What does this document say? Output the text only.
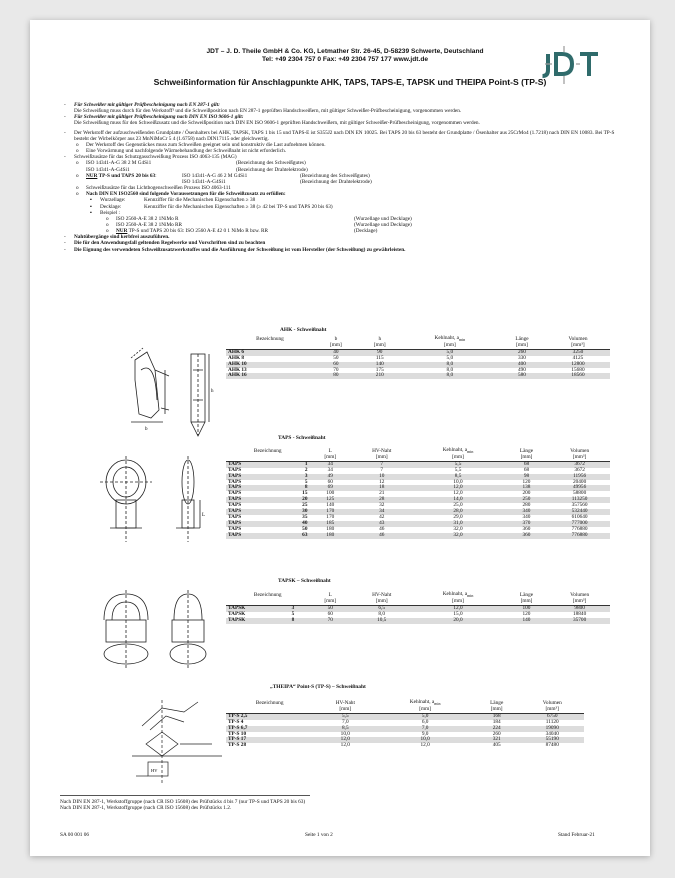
JDT – J. D. Theile GmbH & Co. KG, Letmather Str. 26-45, D-58239 Schwerte, Deutschland
Tel: +49 2304 757 0 Fax: +49 2304 757 177 www.jdt.de
Schweißinformation für Anschlagpunkte AHK, TAPS, TAPS-E, TAPSK und THEIPA Point-S (TP-S)

- Für Schweißer mit gültiger Prüfbescheinigung nach EN 287-1 gilt:

Die Schweißung muss durch für den Werkstoff¹ und die Schweißposition nach EN 287-1 geprüften Handschweißern, mit gültiger Schweißer-Prüfbescheinigung, vorgenommen werden.

- Für Schweißer mit gültiger Prüfbescheinigung nach DIN EN ISO 9606-1 gilt:

Die Schweißung muss für den Schweißzusatz und die Schweißposition nach DIN EN ISO 9606-1 geprüften Handschweißern, mit gültiger Schweißer-Prüfbescheinigung, vorgenommen werden.

- Der Werkstoff der aufzuschweißenden Grundplatte / Ösenhalters bei AHK, TAPSK, TAPS 1 bis 15 und TAPS-E ist S355J2 nach DIN EN 10025. Bei TAPS 20 bis 63 besteht der Grundplatte / Ösenhalter aus 25CrMo4 (1.7218) nach DIN EN 10083. Bei TP-S besteht der Wirbelkörper aus 23 MnNiMoCr 5 4 (1.6758) nach DIN17115 oder gleichwertig.

o Der Werkstoff des Gegenstückes muss zum Schweißen geeignet sein und konstruktiv die Last aufnehmen können.

o Eine Vorwärmung und nachfolgende Wärmebehandlung der Schweißnaht ist nicht erforderlich.

- Schweißzusätze für das Schutzgasschweißung Prozess ISO 4063-135 (MAG)

o ISO 14341-A-G 38 2 M G4Si1	(Bezeichnung des Schweißgutes)
ISO 14341-A-G4Si1	(Bezeichnung der Drahtelektrode)
o NUR TP-S und TAPS 20 bis 63:	ISO 14341-A-G 46 2 M G4Si1	(Bezeichnung des Schweißgutes)
ISO 14341-A-G4Si1	(Bezeichnung der Drahtelektrode)

o Schweißzusätze für das Lichtbogenschweißen Prozess ISO 4063-111

o Nach DIN EN ISO2560 sind folgende Voraussetzungen für die Schweißzusatz zu erfüllen:

▪ Wurzellage:	Kennziffer für die Mechanischen Eigenschaften ≥ 38
▪ Decklage:	Kennziffer für die Mechanischen Eigenschaften ≥ 38 (≥ 42 bei TP-S und TAPS 20 bis 63)
▪ Beispiel :
o ISO 2560-A-E 38 2 1NiMo R	(Wurzellage und Decklage)
o ISO 2560-A-E 38 2 1NiMo RR	(Wurzellage und Decklage)
o NUR TP-S und TAPS 20 bis 63: ISO 2560 A-E 42 0 1 NiMo R bzw. RR	(Decklage)

- Nahtübergänge sind kerbfrei auszuführen.

- Die für den Anwendungsfall geltenden Regelwerke und Vorschriften sind zu beachten

- Die Eignung des verwendeten Schweißzusatzwerkstoffes und die Ausführung der Schweißung ist vom Hersteller (der Schweißung) zu gewährleisten.

AHK - Schweißnaht
h
b
Bezeichnung	b	h	Kehlnaht, $a_{min}$	Länge	Volumen
	[mm]	[mm]	[mm]	[mm]	[mm³]
AHK 6	40	90	5,0	260	3250
AHK 8	50	115	5,0	330	4125
AHK 10	60	140	8,0	400	12800
AHK 13	70	175	8,0	490	15680
AHK 16	80	210	8,0	580	18560
TAPS - Schweißnaht
L
Bezeichnung		L	HV-Naht	Kehlnaht, $a_{min}$	Länge	Volumen
		[mm]	[mm]	[mm]	[mm]	[mm³]
TAPS	1	34	7	5,5	68	3672
TAPS	2	34	7	5,5	68	3672
TAPS	3	49	10	8,5	98	11956
TAPS	5	60	12	10,0	120	20400
TAPS	8	69	18	12,0	138	49956
TAPS	15	100	21	12,0	200	58800
TAPS	20	125	28	14,0	250	113250
TAPS	25	140	32	25,0	280	357560
TAPS	30	170	34	28,0	340	532440
TAPS	35	170	42	29,0	340	610640
TAPS	40	185	43	31,0	370	777000
TAPS	50	180	46	32,0	360	776880
TAPS	63	180	46	32,0	360	776880
TAPSK – Schweißnaht
Bezeichnung		L	HV-Naht	Kehlnaht, $a_{min}$	Länge	Volumen
		[mm]	[mm]	[mm]	[mm]	[mm³]
TAPSK	3	50	6,5	12,0	100	9800
TAPSK	5	60	8,0	15,0	120	18840
TAPSK	8	70	10,5	20,0	140	35700
„THEIPA“ Point-S (TP-S) – Schweißnaht
HV
Bezeichnung	HV-Naht	Kehlnaht, $a_{min}$	Länge	Volumen
	[mm]	[mm]	[mm]	[mm³]
TP-S 2,5	5,5	5,0	168	6750
TP-S 4	7,0	6,0	184	11120
TP-S 6,7	8,5	7,0	224	19090
TP-S 10	10,0	9,0	260	34040
TP-S 17	12,0	10,0	321	55190
TP-S 28	12,0	12,0	405	87480
Nach DIN EN 287-1, Werkstoffgruppe (nach CR ISO 15608) des Prüfstücks 4 bis 7 (nur TP-S und TAPS 20 bis 63)
Nach DIN EN 287-1, Werkstoffgruppe (nach CR ISO 15608) des Prüfstücks 1.2.
SA 00 001 06	Seite 1 von 2	Stand Februar-21
